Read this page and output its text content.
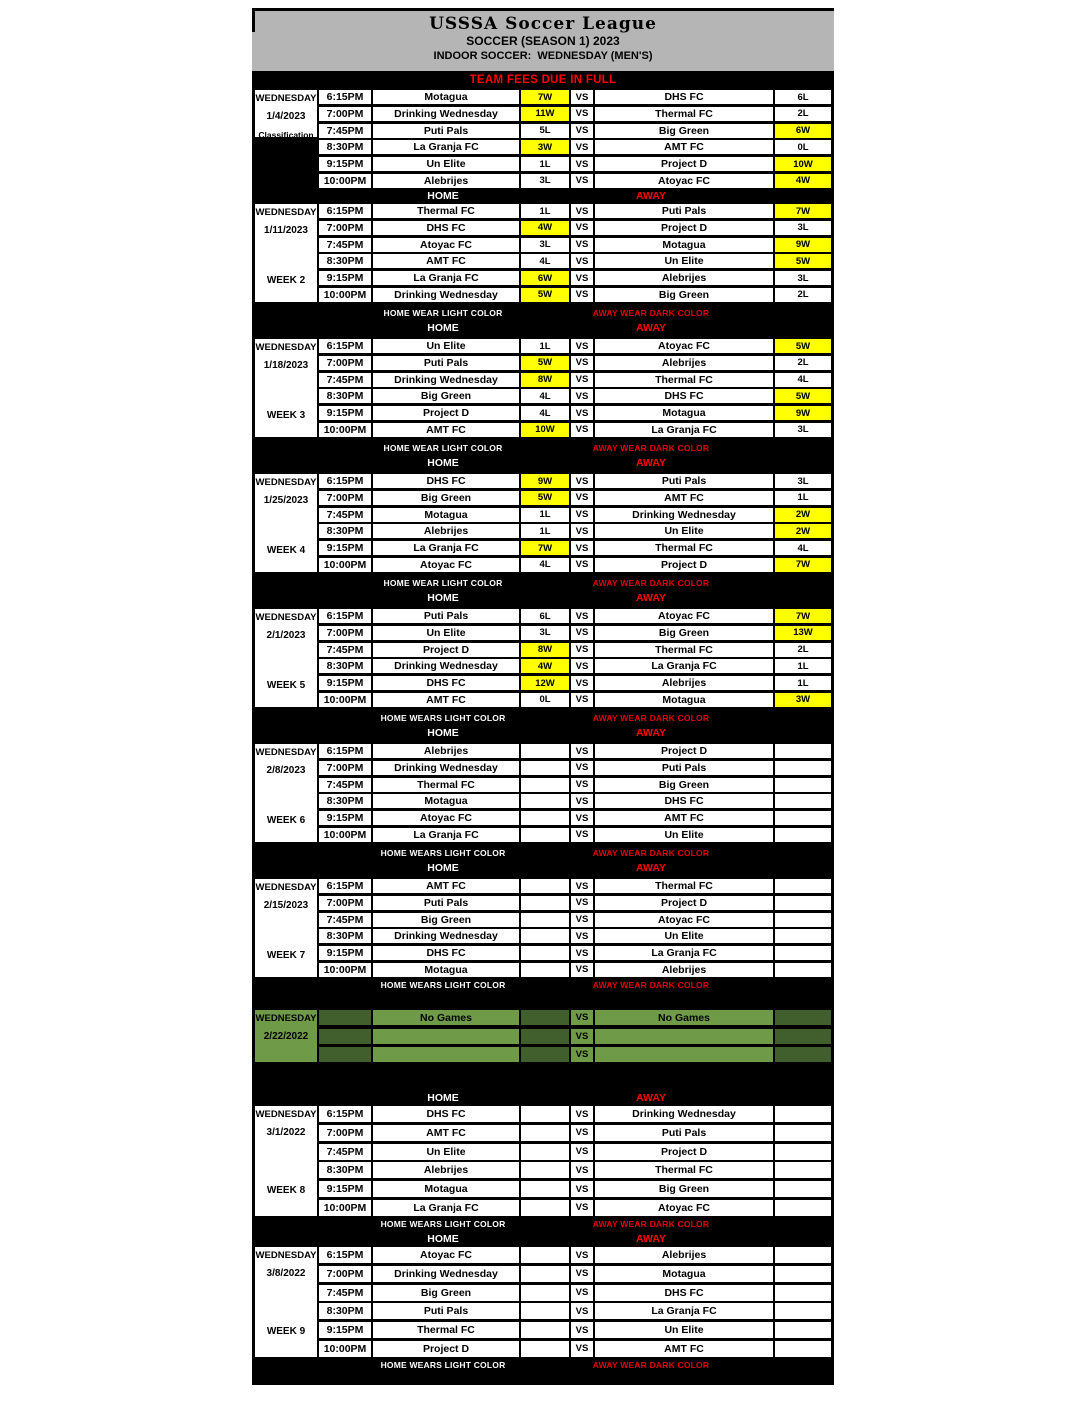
USSSA Soccer League
SOCCER (SEASON 1) 2023
INDOOR SOCCER:  WEDNESDAY (MEN'S)
TEAM FEES DUE IN FULL
WEDNESDAY
1/4/2023
Classification
6:15PM	Motagua	7W	VS	DHS FC	6L
7:00PM	Drinking Wednesday	11W	VS	Thermal FC	2L
7:45PM	Puti Pals	5L	VS	Big Green	6W
8:30PM	La Granja FC	3W	VS	AMT FC	0L
9:15PM	Un Elite	1L	VS	Project D	10W
10:00PM	Alebrijes	3L	VS	Atoyac FC	4W
HOME	AWAY
WEDNESDAY
1/11/2023
WEEK 2
6:15PM	Thermal FC	1L	VS	Puti Pals	7W
7:00PM	DHS FC	4W	VS	Project D	3L
7:45PM	Atoyac FC	3L	VS	Motagua	9W
8:30PM	AMT FC	4L	VS	Un Elite	5W
9:15PM	La Granja FC	6W	VS	Alebrijes	3L
10:00PM	Drinking Wednesday	5W	VS	Big Green	2L
HOME WEAR LIGHT COLOR	AWAY WEAR DARK COLOR
HOME	AWAY
WEDNESDAY
1/18/2023
WEEK 3
6:15PM	Un Elite	1L	VS	Atoyac FC	5W
7:00PM	Puti Pals	5W	VS	Alebrijes	2L
7:45PM	Drinking Wednesday	8W	VS	Thermal FC	4L
8:30PM	Big Green	4L	VS	DHS FC	5W
9:15PM	Project D	4L	VS	Motagua	9W
10:00PM	AMT FC	10W	VS	La Granja FC	3L
HOME WEAR LIGHT COLOR	AWAY WEAR DARK COLOR
HOME	AWAY
WEDNESDAY
1/25/2023
WEEK 4
6:15PM	DHS FC	9W	VS	Puti Pals	3L
7:00PM	Big Green	5W	VS	AMT FC	1L
7:45PM	Motagua	1L	VS	Drinking Wednesday	2W
8:30PM	Alebrijes	1L	VS	Un Elite	2W
9:15PM	La Granja FC	7W	VS	Thermal FC	4L
10:00PM	Atoyac FC	4L	VS	Project D	7W
HOME WEAR LIGHT COLOR	AWAY WEAR DARK COLOR
HOME	AWAY
WEDNESDAY
2/1/2023
WEEK 5
6:15PM	Puti Pals	6L	VS	Atoyac FC	7W
7:00PM	Un Elite	3L	VS	Big Green	13W
7:45PM	Project D	8W	VS	Thermal FC	2L
8:30PM	Drinking Wednesday	4W	VS	La Granja FC	1L
9:15PM	DHS FC	12W	VS	Alebrijes	1L
10:00PM	AMT FC	0L	VS	Motagua	3W
HOME WEARS LIGHT COLOR	AWAY WEAR DARK COLOR
HOME	AWAY
WEDNESDAY
2/8/2023
WEEK 6
6:15PM	Alebrijes	VS	Project D
7:00PM	Drinking Wednesday	VS	Puti Pals
7:45PM	Thermal FC	VS	Big Green
8:30PM	Motagua	VS	DHS FC
9:15PM	Atoyac FC	VS	AMT FC
10:00PM	La Granja FC	VS	Un Elite
HOME WEARS LIGHT COLOR	AWAY WEAR DARK COLOR
HOME	AWAY
WEDNESDAY
2/15/2023
WEEK 7
6:15PM	AMT FC	VS	Thermal FC
7:00PM	Puti Pals	VS	Project D
7:45PM	Big Green	VS	Atoyac FC
8:30PM	Drinking Wednesday	VS	Un Elite
9:15PM	DHS FC	VS	La Granja FC
10:00PM	Motagua	VS	Alebrijes
HOME WEARS LIGHT COLOR	AWAY WEAR DARK COLOR
WEDNESDAY
2/22/2022
No Games	VS	No Games
VS
VS
HOME	AWAY
WEDNESDAY
3/1/2022
WEEK 8
6:15PM	DHS FC	VS	Drinking Wednesday
7:00PM	AMT FC	VS	Puti Pals
7:45PM	Un Elite	VS	Project D
8:30PM	Alebrijes	VS	Thermal FC
9:15PM	Motagua	VS	Big Green
10:00PM	La Granja FC	VS	Atoyac FC
HOME WEARS LIGHT COLOR	AWAY WEAR DARK COLOR
HOME	AWAY
WEDNESDAY
3/8/2022
WEEK 9
6:15PM	Atoyac FC	VS	Alebrijes
7:00PM	Drinking Wednesday	VS	Motagua
7:45PM	Big Green	VS	DHS FC
8:30PM	Puti Pals	VS	La Granja FC
9:15PM	Thermal FC	VS	Un Elite
10:00PM	Project D	VS	AMT FC
HOME WEARS LIGHT COLOR	AWAY WEAR DARK COLOR
